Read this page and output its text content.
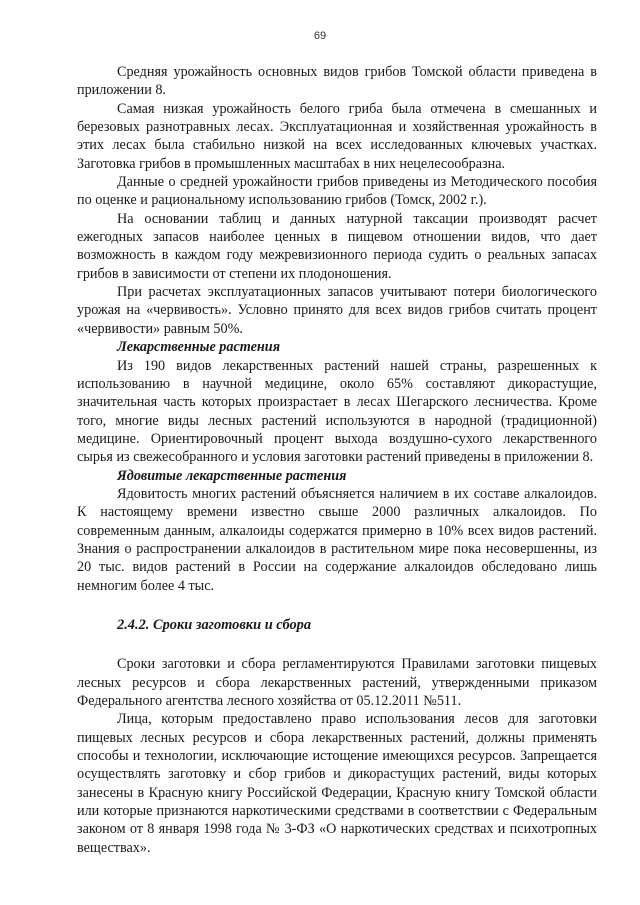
69

Средняя урожайность основных видов грибов Томской области приведена в приложении 8.

Самая низкая урожайность белого гриба была отмечена в смешанных и березовых разнотравных лесах. Эксплуатационная и хозяйственная урожайность в этих лесах была стабильно низкой на всех исследованных ключевых участках. Заготовка грибов в промышленных масштабах в них нецелесообразна.

Данные о средней урожайности грибов приведены из Методического пособия по оценке и рациональному использованию грибов (Томск, 2002 г.).

На основании таблиц и данных натурной таксации производят расчет ежегодных запасов наиболее ценных в пищевом отношении видов, что дает возможность в каждом году межревизионного периода судить о реальных запасах грибов в зависимости от степени их плодоношения.

При расчетах эксплуатационных запасов учитывают потери биологического урожая на «червивость». Условно принято для всех видов грибов считать процент «червивости» равным 50%.

Лекарственные растения

Из 190 видов лекарственных растений нашей страны, разрешенных к использованию в научной медицине, около 65% составляют дикорастущие, значительная часть которых произрастает в лесах Шегарского лесничества. Кроме того, многие виды лесных растений используются в народной (традиционной) медицине. Ориентировочный процент выхода воздушно-сухого лекарственного сырья из свежесобранного и условия заготовки растений приведены в приложении 8.

Ядовитые лекарственные растения

Ядовитость многих растений объясняется наличием в их составе алкалоидов. К настоящему времени известно свыше 2000 различных алкалоидов. По современным данным, алкалоиды содержатся примерно в 10% всех видов растений. Знания о распространении алкалоидов в растительном мире пока несовершенны, из 20 тыс. видов растений в России на содержание алкалоидов обследовано лишь немногим более 4 тыс.

2.4.2. Сроки заготовки и сбора

Сроки заготовки и сбора регламентируются Правилами заготовки пищевых лесных ресурсов и сбора лекарственных растений, утвержденными приказом Федерального агентства лесного хозяйства от 05.12.2011 №511.

Лица, которым предоставлено право использования лесов для заготовки пищевых лесных ресурсов и сбора лекарственных растений, должны применять способы и технологии, исключающие истощение имеющихся ресурсов. Запрещается осуществлять заготовку и сбор грибов и дикорастущих растений, виды которых занесены в Красную книгу Российской Федерации, Красную книгу Томской области или которые признаются наркотическими средствами в соответствии с Федеральным законом от 8 января 1998 года № 3-ФЗ «О наркотических средствах и психотропных веществах».
